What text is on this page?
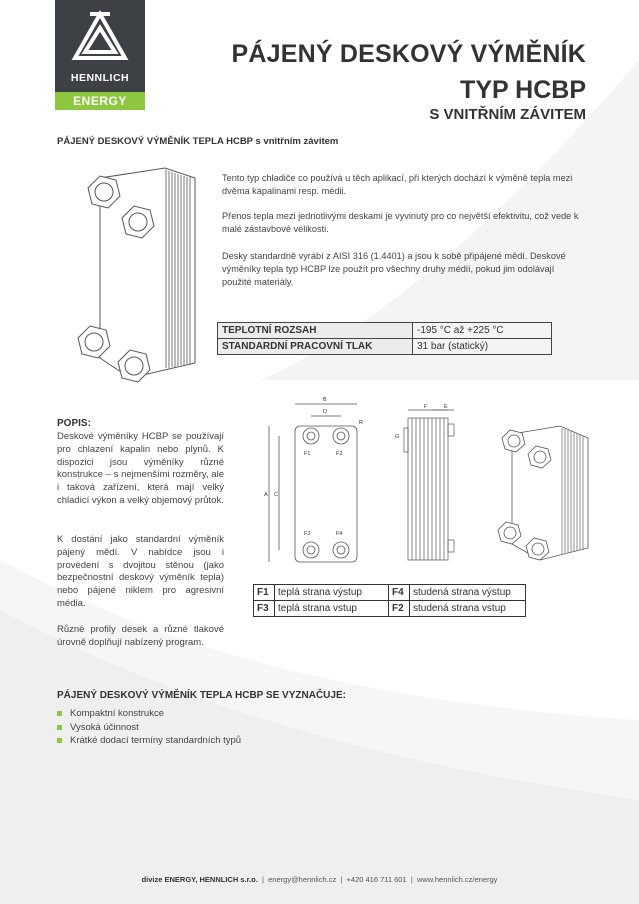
HENNLICH
ENERGY
PÁJENÝ DESKOVÝ VÝMĚNÍK
TYP HCBP
S VNITŘNÍM ZÁVITEM
PÁJENÝ DESKOVÝ VÝMĚNÍK TEPLA HCBP s vnitřním závitem
Tento typ chladiče co používá u těch aplikací, při kterých dochází k výměně tepla mezi dvěma kapalinami resp. médii.
Přenos tepla mezi jednotlivými deskami je vyvinutý pro co největší efektivitu, což vede k malé zástavbové velikosti.
Desky standardně vyrábí z AISI 316 (1.4401) a jsou k sobě připájené mědí. Deskové výměníky tepla typ HCBP lze použít pro všechny druhy médií, pokud jim odolávají použité materiály.
TEPLOTNÍ ROZSAH	-195 °C až +225 °C
STANDARDNÍ PRACOVNÍ TLAK	31 bar (statický)
POPIS:
Deskové výměníky HCBP se používají pro chlazení kapalin nebo plynů. K dispozici jsou výměníky různé konstrukce – s nejmenšími rozměry, ale i taková zařízení, která mají velký chladicí výkon a velký objemový průtok.
K dostání jako standardní výměník pájený mědí. V nabídce jsou i provedení s dvojitou stěnou (jako bezpečnostní deskový výměník tepla) nebo pájené niklem pro agresivní média.
Různé profily desek a různé tlakové úrovně doplňují nabízený program.
B
D
R
A C
F1	F2
F3	F4
F	E
G
F1	teplá strana výstup	F4	studená strana výstup
F3	teplá strana vstup	F2	studená strana vstup
PÁJENÝ DESKOVÝ VÝMĚNÍK TEPLA HCBP SE VYZNAČUJE:
Kompaktní konstrukce
Vysoká účinnost
Krátké dodací termíny standardních typů
divize ENERGY, HENNLICH s.r.o. | energy@hennlich.cz | +420 416 711 601 | www.hennlich.cz/energy
